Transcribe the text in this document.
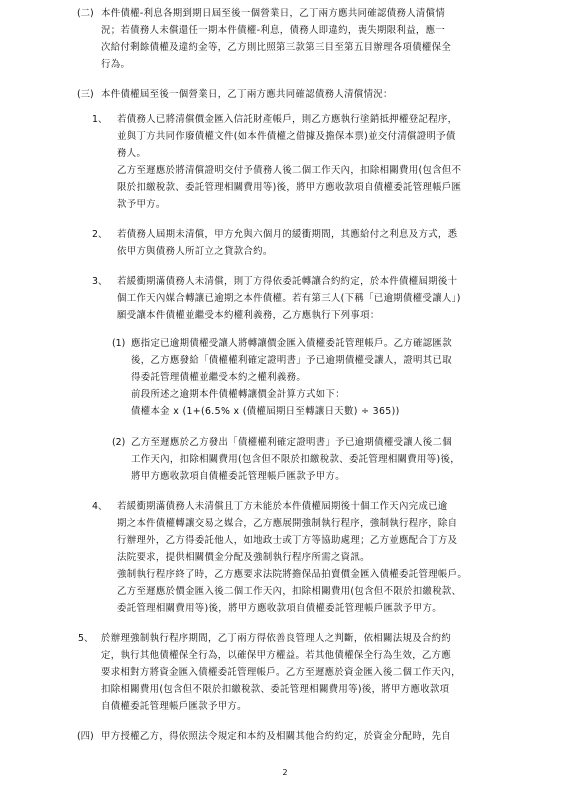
(二) 本件債權-利息各期到期日屆至後一個營業日，乙丁兩方應共同確認債務人清償情
況；若債務人未償還任一期本件債權-利息，債務人即違約，喪失期限利益，應一
次給付剩餘債權及違約金等，乙方則比照第三款第三目至第五目辦理各項債權保全
行為。
(三) 本件債權屆至後一個營業日，乙丁兩方應共同確認債務人清償情況：
1、 若債務人已將清償價金匯入信託財產帳戶，則乙方應執行塗銷抵押權登記程序，
並與丁方共同作廢債權文件(如本件債權之借據及擔保本票)並交付清償證明予債
務人。
乙方至遲應於將清償證明交付予債務人後二個工作天內，扣除相關費用(包含但不
限於扣繳稅款、委託管理相關費用等)後，將甲方應收款項自債權委託管理帳戶匯
款予甲方。
2、 若債務人屆期未清償，甲方允與六個月的緩衝期間，其應給付之利息及方式，悉
依甲方與債務人所訂立之貸款合約。
3、 若緩衝期滿債務人未清償，則丁方得依委託轉讓合約約定，於本件債權屆期後十
個工作天內媒合轉讓已逾期之本件債權。若有第三人(下稱「已逾期債權受讓人」)
願受讓本件債權並繼受本約權利義務，乙方應執行下列事項：
(1) 應指定已逾期債權受讓人將轉讓價金匯入債權委託管理帳戶。乙方確認匯款
後，乙方應發給「債權權利確定證明書」予已逾期債權受讓人，證明其已取
得委託管理債權並繼受本約之權利義務。
前段所述之逾期本件債權轉讓價金計算方式如下：
債權本金 x (1+(6.5% x (債權屆期日至轉讓日天數) ÷ 365))
(2) 乙方至遲應於乙方發出「債權權利確定證明書」予已逾期債權受讓人後二個
工作天內，扣除相關費用(包含但不限於扣繳稅款、委託管理相關費用等)後，
將甲方應收款項自債權委託管理帳戶匯款予甲方。
4、 若緩衝期滿債務人未清償且丁方未能於本件債權屆期後十個工作天內完成已逾
期之本件債權轉讓交易之媒合，乙方應展開強制執行程序，強制執行程序，除自
行辦理外，乙方得委託他人，如地政士或丁方等協助處理；乙方並應配合丁方及
法院要求，提供相關價金分配及強制執行程序所需之資訊。
強制執行程序終了時，乙方應要求法院將擔保品拍賣價金匯入債權委託管理帳戶。
乙方至遲應於價金匯入後二個工作天內，扣除相關費用(包含但不限於扣繳稅款、
委託管理相關費用等)後，將甲方應收款項自債權委託管理帳戶匯款予甲方。
5、 於辦理強制執行程序期間，乙丁兩方得依善良管理人之判斷，依相關法規及合約約
定，執行其他債權保全行為，以確保甲方權益。若其他債權保全行為生效，乙方應
要求相對方將資金匯入債權委託管理帳戶。乙方至遲應於資金匯入後二個工作天內，
扣除相關費用(包含但不限於扣繳稅款、委託管理相關費用等)後，將甲方應收款項
自債權委託管理帳戶匯款予甲方。
(四) 甲方授權乙方，得依照法令規定和本約及相關其他合約約定，於資金分配時，先自
2
